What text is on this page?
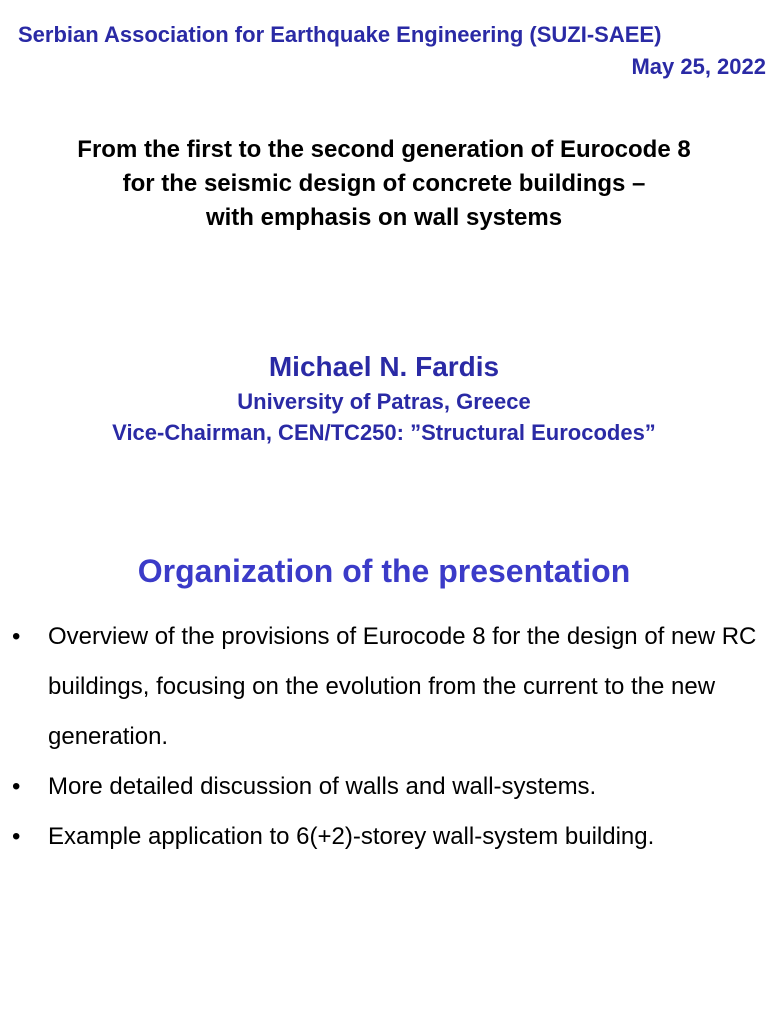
Serbian Association for Earthquake Engineering (SUZI-SAEE)
May 25, 2022
From the first to the second generation of Eurocode 8
for the seismic design of concrete buildings –
with emphasis on wall systems
Michael N. Fardis
University of Patras, Greece
Vice-Chairman, CEN/TC250: ”Structural Eurocodes”
Organization of the presentation
• Overview of the provisions of Eurocode 8 for the design of new RC buildings, focusing on the evolution from the current to the new generation.
• More detailed discussion of walls and wall-systems.
• Example application to 6(+2)-storey wall-system building.
